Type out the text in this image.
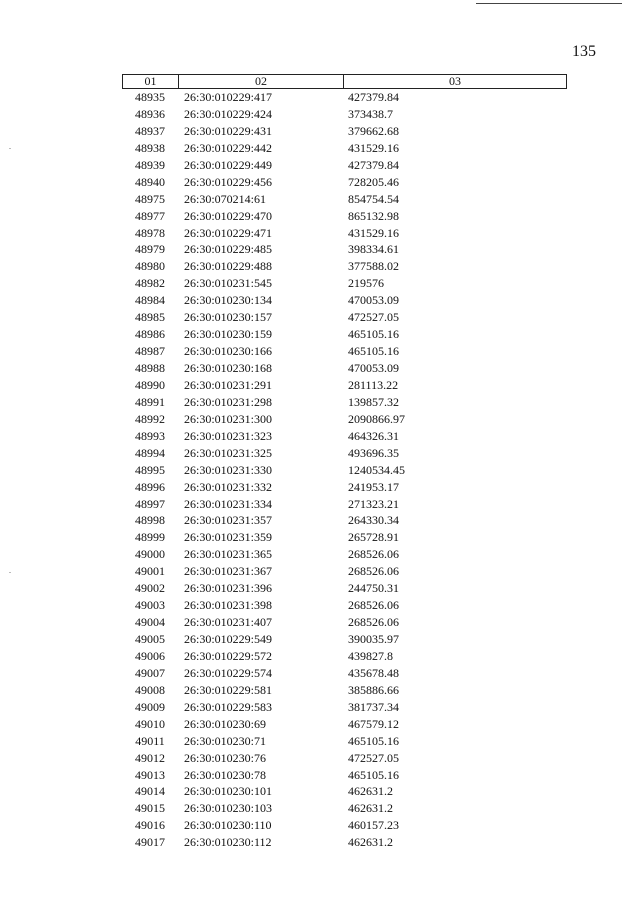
135
01	02	03
48935	26:30:010229:417	427379.84
48936	26:30:010229:424	373438.7
48937	26:30:010229:431	379662.68
48938	26:30:010229:442	431529.16
48939	26:30:010229:449	427379.84
48940	26:30:010229:456	728205.46
48975	26:30:070214:61	854754.54
48977	26:30:010229:470	865132.98
48978	26:30:010229:471	431529.16
48979	26:30:010229:485	398334.61
48980	26:30:010229:488	377588.02
48982	26:30:010231:545	219576
48984	26:30:010230:134	470053.09
48985	26:30:010230:157	472527.05
48986	26:30:010230:159	465105.16
48987	26:30:010230:166	465105.16
48988	26:30:010230:168	470053.09
48990	26:30:010231:291	281113.22
48991	26:30:010231:298	139857.32
48992	26:30:010231:300	2090866.97
48993	26:30:010231:323	464326.31
48994	26:30:010231:325	493696.35
48995	26:30:010231:330	1240534.45
48996	26:30:010231:332	241953.17
48997	26:30:010231:334	271323.21
48998	26:30:010231:357	264330.34
48999	26:30:010231:359	265728.91
49000	26:30:010231:365	268526.06
49001	26:30:010231:367	268526.06
49002	26:30:010231:396	244750.31
49003	26:30:010231:398	268526.06
49004	26:30:010231:407	268526.06
49005	26:30:010229:549	390035.97
49006	26:30:010229:572	439827.8
49007	26:30:010229:574	435678.48
49008	26:30:010229:581	385886.66
49009	26:30:010229:583	381737.34
49010	26:30:010230:69	467579.12
49011	26:30:010230:71	465105.16
49012	26:30:010230:76	472527.05
49013	26:30:010230:78	465105.16
49014	26:30:010230:101	462631.2
49015	26:30:010230:103	462631.2
49016	26:30:010230:110	460157.23
49017	26:30:010230:112	462631.2
